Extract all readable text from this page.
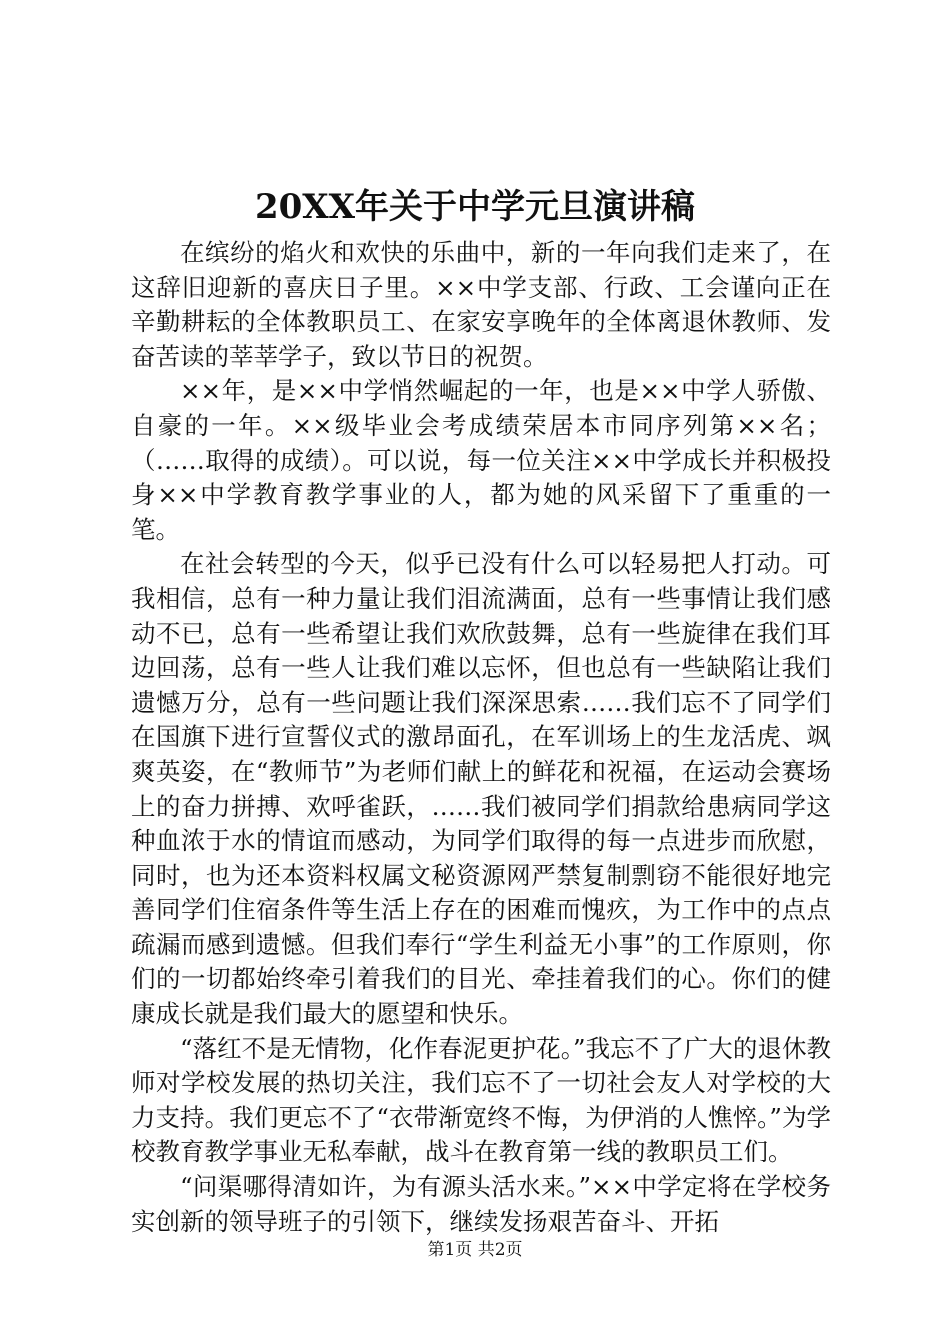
20XX年关于中学元旦演讲稿

在缤纷的焰火和欢快的乐曲中，新的一年向我们走来了，在这辞旧迎新的喜庆日子里。××中学支部、行政、工会谨向正在辛勤耕耘的全体教职员工、在家安享晚年的全体离退休教师、发奋苦读的莘莘学子，致以节日的祝贺。

××年，是××中学悄然崛起的一年，也是××中学人骄傲、自豪的一年。××级毕业会考成绩荣居本市同序列第××名；（……取得的成绩）。可以说，每一位关注××中学成长并积极投身××中学教育教学事业的人，都为她的风采留下了重重的一笔。

在社会转型的今天，似乎已没有什么可以轻易把人打动。可我相信，总有一种力量让我们泪流满面，总有一些事情让我们感动不已，总有一些希望让我们欢欣鼓舞，总有一些旋律在我们耳边回荡，总有一些人让我们难以忘怀，但也总有一些缺陷让我们遗憾万分，总有一些问题让我们深深思索……我们忘不了同学们在国旗下进行宣誓仪式的激昂面孔，在军训场上的生龙活虎、飒爽英姿，在“教师节”为老师们献上的鲜花和祝福，在运动会赛场上的奋力拼搏、欢呼雀跃，……我们被同学们捐款给患病同学这种血浓于水的情谊而感动，为同学们取得的每一点进步而欣慰，同时，也为还本资料权属文秘资源网严禁复制剽窃不能很好地完善同学们住宿条件等生活上存在的困难而愧疚，为工作中的点点疏漏而感到遗憾。但我们奉行“学生利益无小事”的工作原则，你们的一切都始终牵引着我们的目光、牵挂着我们的心。你们的健康成长就是我们最大的愿望和快乐。

“落红不是无情物，化作春泥更护花。”我忘不了广大的退休教师对学校发展的热切关注，我们忘不了一切社会友人对学校的大力支持。我们更忘不了“衣带渐宽终不悔，为伊消的人憔悴。”为学校教育教学事业无私奉献，战斗在教育第一线的教职员工们。

“问渠哪得清如许，为有源头活水来。”××中学定将在学校务实创新的领导班子的引领下，继续发扬艰苦奋斗、开拓

第1页 共2页
